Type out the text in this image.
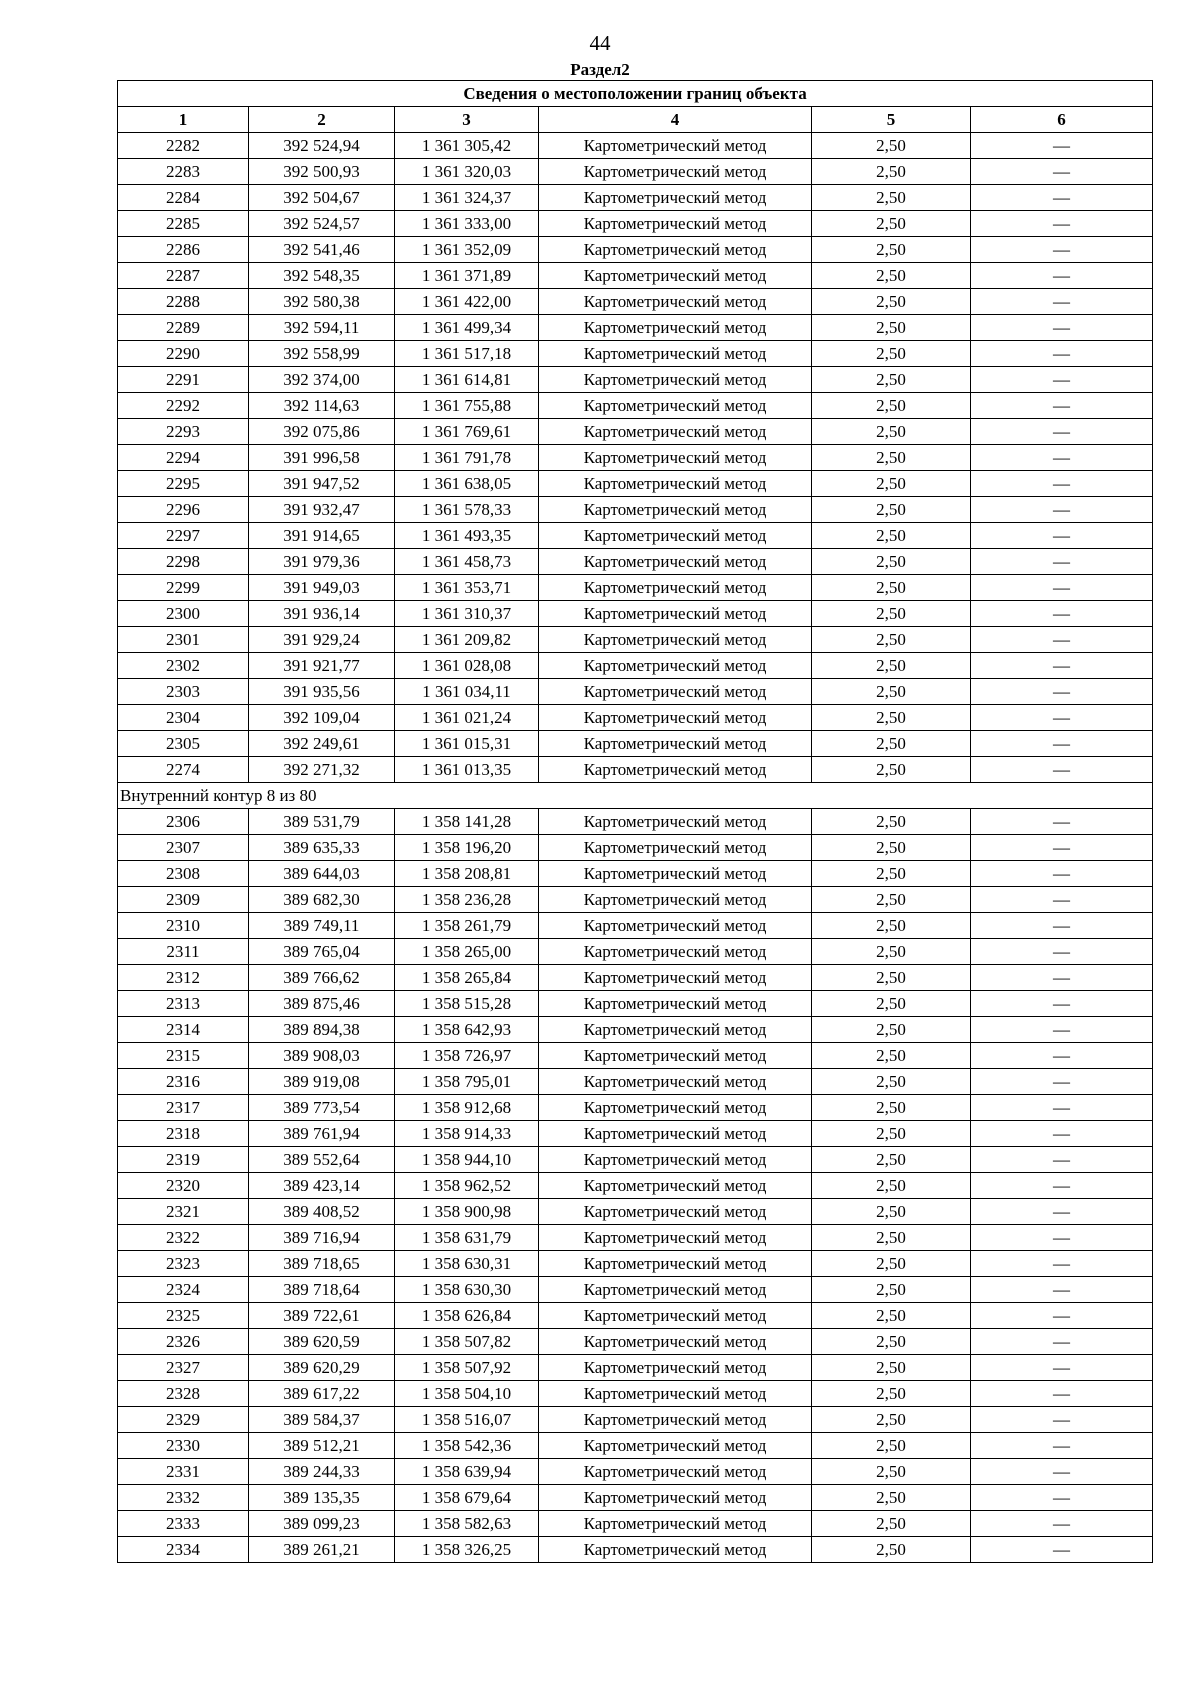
44
Раздел2
Сведения о местоположении границ объекта					
1	2	3	4	5	6
2282	392 524,94	1 361 305,42	Картометрический метод	2,50	—
2283	392 500,93	1 361 320,03	Картометрический метод	2,50	—
2284	392 504,67	1 361 324,37	Картометрический метод	2,50	—
2285	392 524,57	1 361 333,00	Картометрический метод	2,50	—
2286	392 541,46	1 361 352,09	Картометрический метод	2,50	—
2287	392 548,35	1 361 371,89	Картометрический метод	2,50	—
2288	392 580,38	1 361 422,00	Картометрический метод	2,50	—
2289	392 594,11	1 361 499,34	Картометрический метод	2,50	—
2290	392 558,99	1 361 517,18	Картометрический метод	2,50	—
2291	392 374,00	1 361 614,81	Картометрический метод	2,50	—
2292	392 114,63	1 361 755,88	Картометрический метод	2,50	—
2293	392 075,86	1 361 769,61	Картометрический метод	2,50	—
2294	391 996,58	1 361 791,78	Картометрический метод	2,50	—
2295	391 947,52	1 361 638,05	Картометрический метод	2,50	—
2296	391 932,47	1 361 578,33	Картометрический метод	2,50	—
2297	391 914,65	1 361 493,35	Картометрический метод	2,50	—
2298	391 979,36	1 361 458,73	Картометрический метод	2,50	—
2299	391 949,03	1 361 353,71	Картометрический метод	2,50	—
2300	391 936,14	1 361 310,37	Картометрический метод	2,50	—
2301	391 929,24	1 361 209,82	Картометрический метод	2,50	—
2302	391 921,77	1 361 028,08	Картометрический метод	2,50	—
2303	391 935,56	1 361 034,11	Картометрический метод	2,50	—
2304	392 109,04	1 361 021,24	Картометрический метод	2,50	—
2305	392 249,61	1 361 015,31	Картометрический метод	2,50	—
2274	392 271,32	1 361 013,35	Картометрический метод	2,50	—
Внутренний контур 8 из 80					
2306	389 531,79	1 358 141,28	Картометрический метод	2,50	—
2307	389 635,33	1 358 196,20	Картометрический метод	2,50	—
2308	389 644,03	1 358 208,81	Картометрический метод	2,50	—
2309	389 682,30	1 358 236,28	Картометрический метод	2,50	—
2310	389 749,11	1 358 261,79	Картометрический метод	2,50	—
2311	389 765,04	1 358 265,00	Картометрический метод	2,50	—
2312	389 766,62	1 358 265,84	Картометрический метод	2,50	—
2313	389 875,46	1 358 515,28	Картометрический метод	2,50	—
2314	389 894,38	1 358 642,93	Картометрический метод	2,50	—
2315	389 908,03	1 358 726,97	Картометрический метод	2,50	—
2316	389 919,08	1 358 795,01	Картометрический метод	2,50	—
2317	389 773,54	1 358 912,68	Картометрический метод	2,50	—
2318	389 761,94	1 358 914,33	Картометрический метод	2,50	—
2319	389 552,64	1 358 944,10	Картометрический метод	2,50	—
2320	389 423,14	1 358 962,52	Картометрический метод	2,50	—
2321	389 408,52	1 358 900,98	Картометрический метод	2,50	—
2322	389 716,94	1 358 631,79	Картометрический метод	2,50	—
2323	389 718,65	1 358 630,31	Картометрический метод	2,50	—
2324	389 718,64	1 358 630,30	Картометрический метод	2,50	—
2325	389 722,61	1 358 626,84	Картометрический метод	2,50	—
2326	389 620,59	1 358 507,82	Картометрический метод	2,50	—
2327	389 620,29	1 358 507,92	Картометрический метод	2,50	—
2328	389 617,22	1 358 504,10	Картометрический метод	2,50	—
2329	389 584,37	1 358 516,07	Картометрический метод	2,50	—
2330	389 512,21	1 358 542,36	Картометрический метод	2,50	—
2331	389 244,33	1 358 639,94	Картометрический метод	2,50	—
2332	389 135,35	1 358 679,64	Картометрический метод	2,50	—
2333	389 099,23	1 358 582,63	Картометрический метод	2,50	—
2334	389 261,21	1 358 326,25	Картометрический метод	2,50	—
